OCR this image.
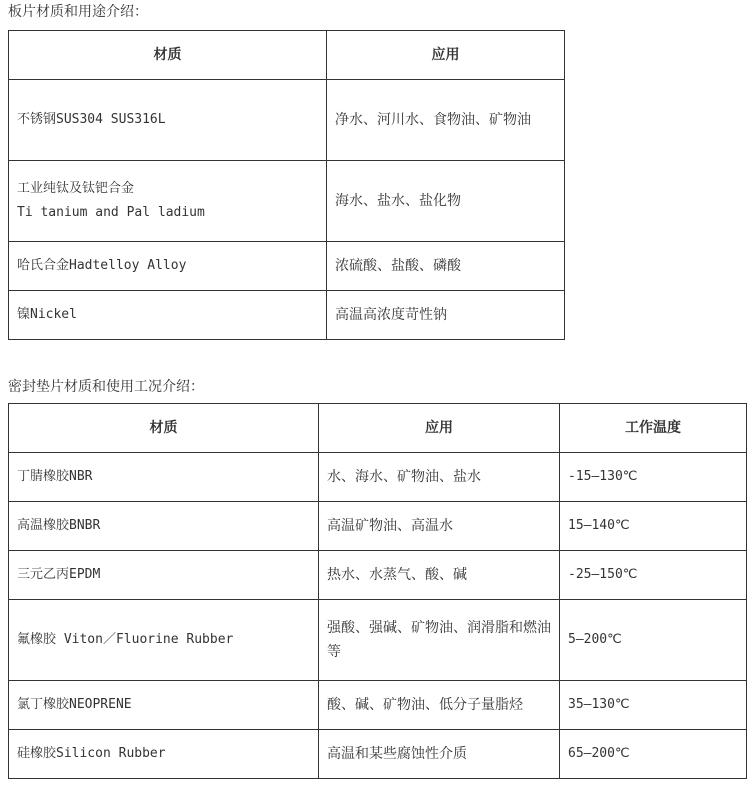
板片材质和用途介绍：
材质	应用
不锈钢SUS304 SUS316L	净水、河川水、食物油、矿物油

工业纯钛及钛钯合金
Ti tanium and Pal ladium	海水、盐水、盐化物
哈氏合金Hadtelloy Alloy	浓硫酸、盐酸、磷酸
镍Nickel	高温高浓度苛性钠
密封垫片材质和使用工况介绍：
材质	应用	工作温度
丁腈橡胶NBR	水、海水、矿物油、盐水	-15—130℃
高温橡胶BNBR	高温矿物油、高温水	15—140℃
三元乙丙EPDM	热水、水蒸气、酸、碱	-25—150℃
氟橡胶 Viton／Fluorine Rubber	强酸、强碱、矿物油、润滑脂和燃油等	5—200℃
氯丁橡胶NEOPRENE	酸、碱、矿物油、低分子量脂烃	35—130℃
硅橡胶Silicon Rubber	高温和某些腐蚀性介质	65—200℃
